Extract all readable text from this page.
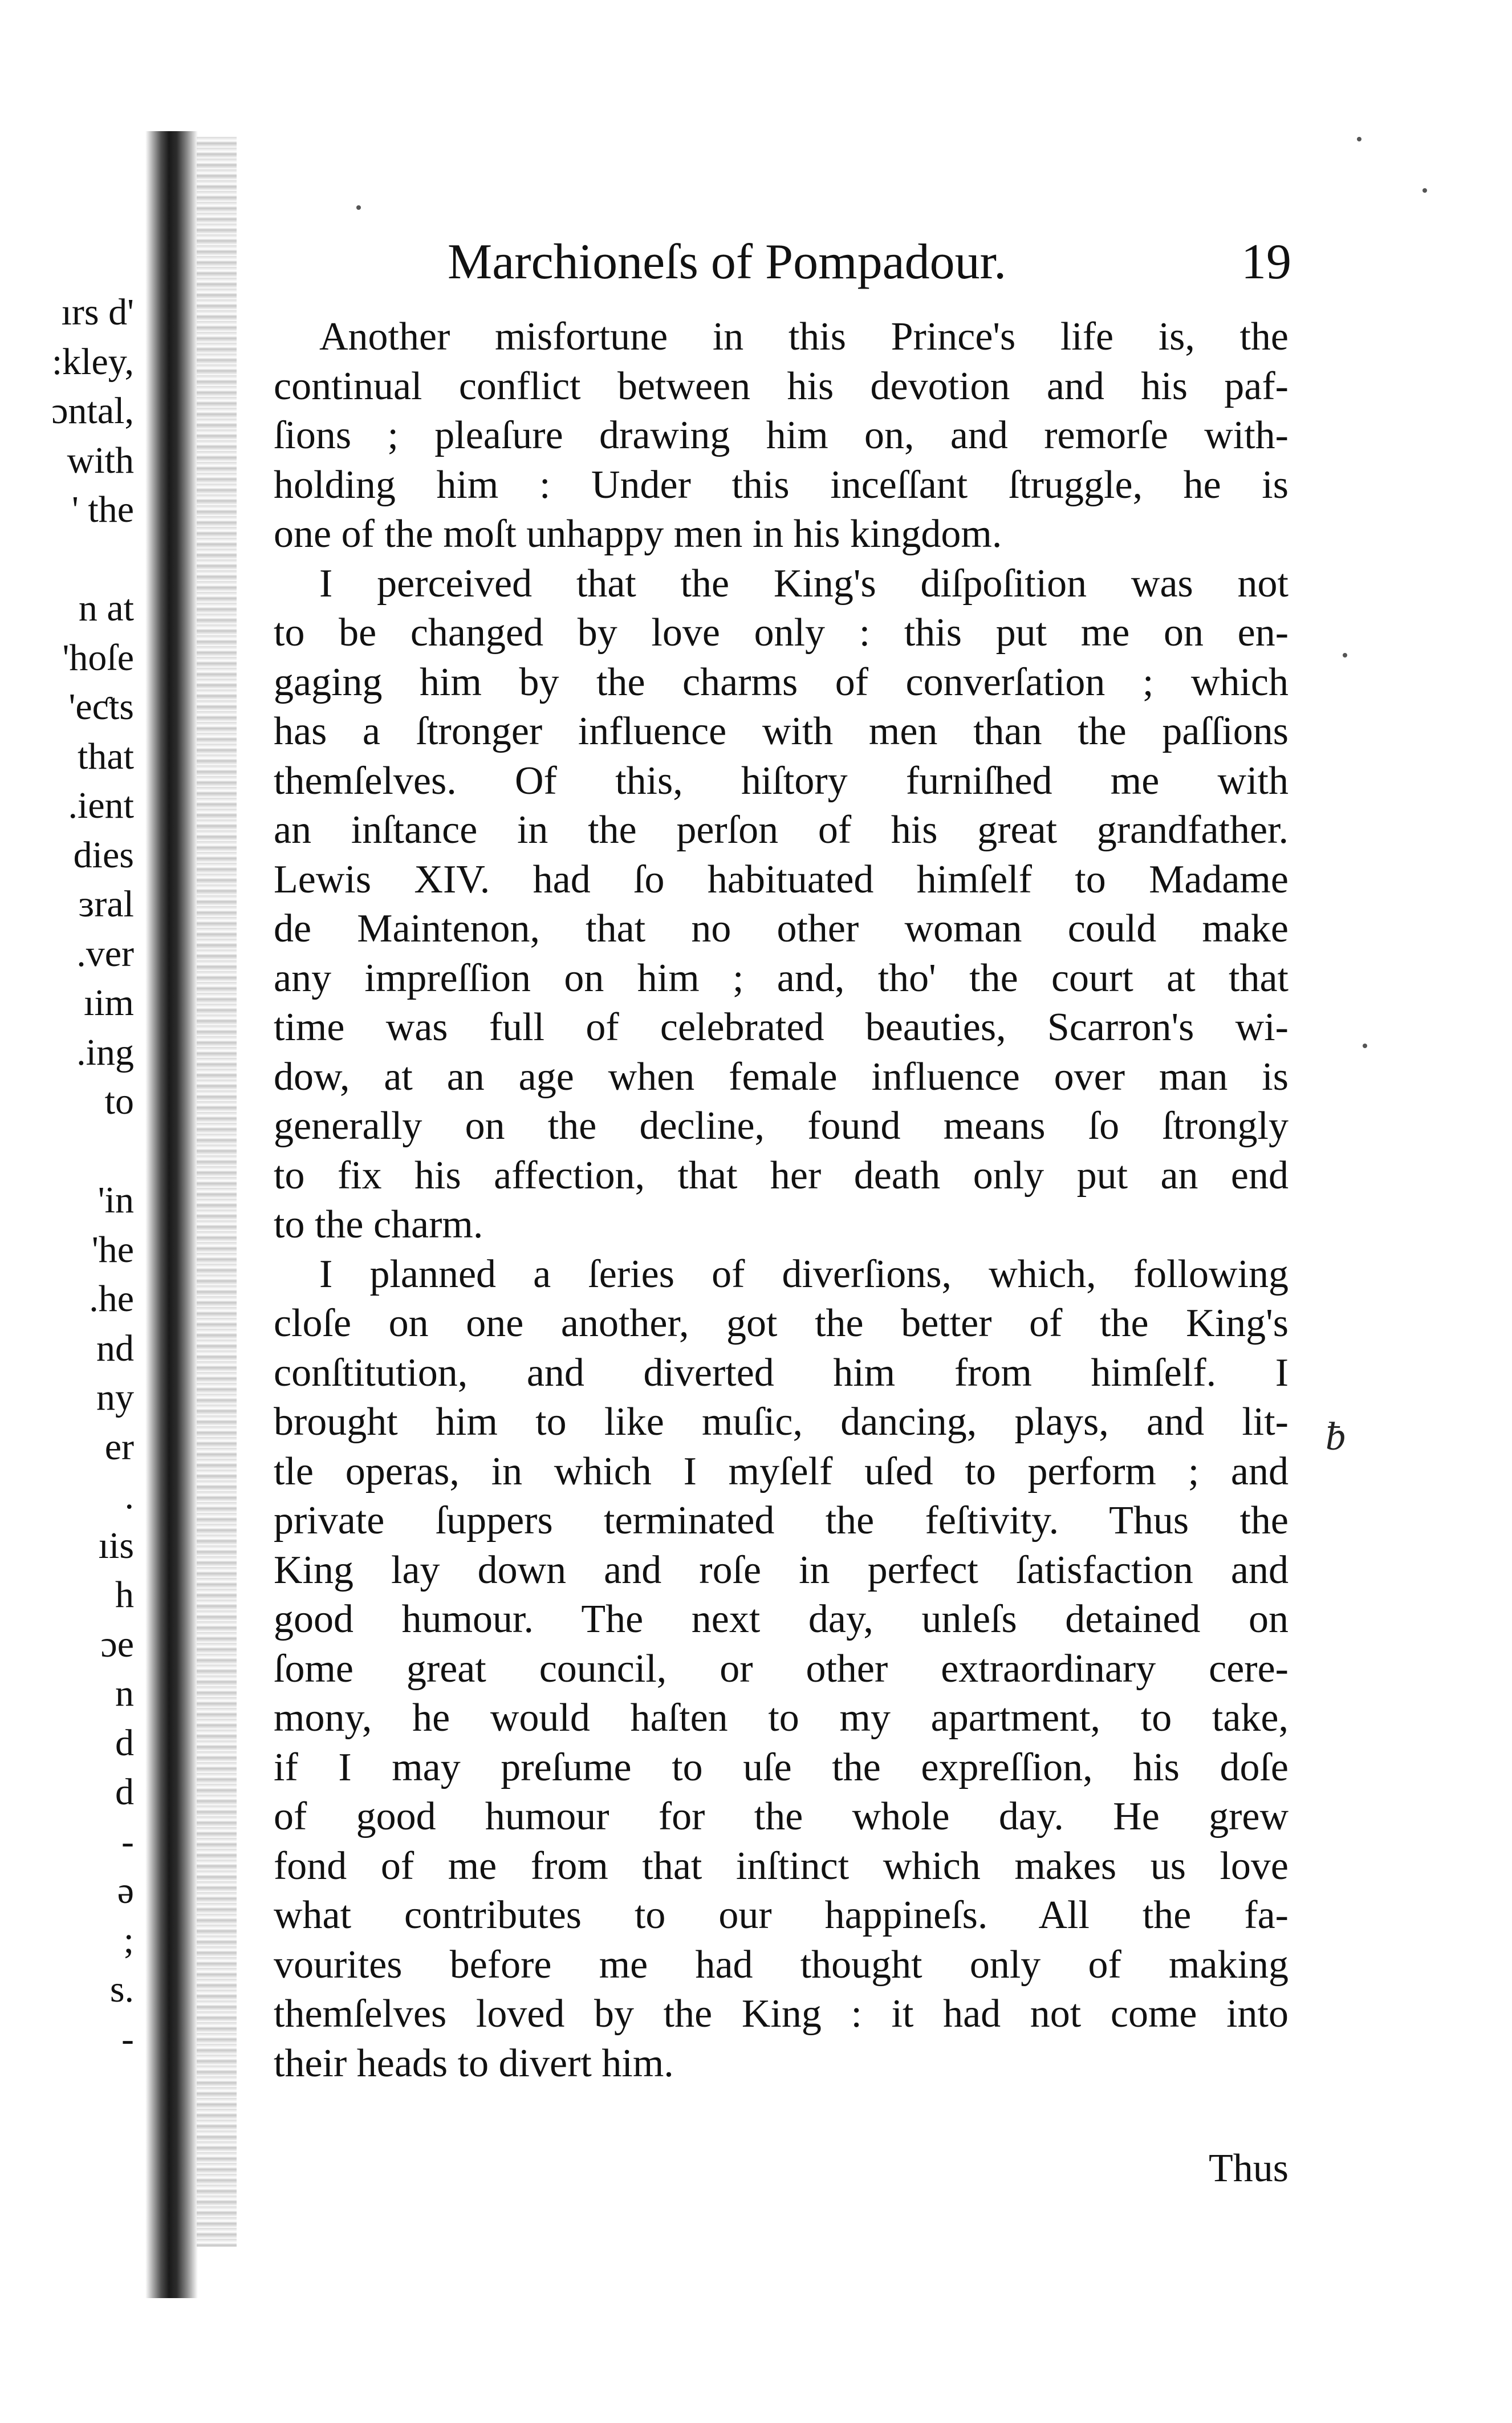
ırs d'
:kley,
ɔntal,
with
' the
n at
'hoſe
'eƈts
that
.ient
dies
ɜral
.ver
ıim
.ing
to
'in
'he
.he
nd
ny
er
.
ıis
h
ɔe
n
d
d
-
ə
;
s.
-
Marchioneſs of Pompadour.	19
Another misfortune in this Prince's life is, the
continual conflict between his devotion and his paf-
ſions ; pleaſure drawing him on, and remorſe with-
holding him : Under this inceſſant ſtruggle, he is
one of the moſt unhappy men in his kingdom.
I perceived that the King's diſpoſition was not
to be changed by love only : this put me on en-
gaging him by the charms of converſation ; which
has a ſtronger influence with men than the paſſions
themſelves. Of this, hiſtory furniſhed me with
an inſtance in the perſon of his great grandfather.
Lewis XIV. had ſo habituated himſelf to Madame
de Maintenon, that no other woman could make
any impreſſion on him ; and, tho' the court at that
time was full of celebrated beauties, Scarron's wi-
dow, at an age when female influence over man is
generally on the decline, found means ſo ſtrongly
to fix his affection, that her death only put an end
to the charm.
I planned a ſeries of diverſions, which, following
cloſe on one another, got the better of the King's
conſtitution, and diverted him from himſelf. I
brought him to like muſic, dancing, plays, and lit-
tle operas, in which I myſelf uſed to perform ; and
private ſuppers terminated the feſtivity. Thus the
King lay down and roſe in perfect ſatisfaction and
good humour. The next day, unleſs detained on
ſome great council, or other extraordinary cere-
mony, he would haſten to my apartment, to take,
if I may preſume to uſe the expreſſion, his doſe
of good humour for the whole day. He grew
fond of me from that inſtinct which makes us love
what contributes to our happineſs. All the fa-
vourites before me had thought only of making
themſelves loved by the King : it had not come into
their heads to divert him.
Thus
ƀ
